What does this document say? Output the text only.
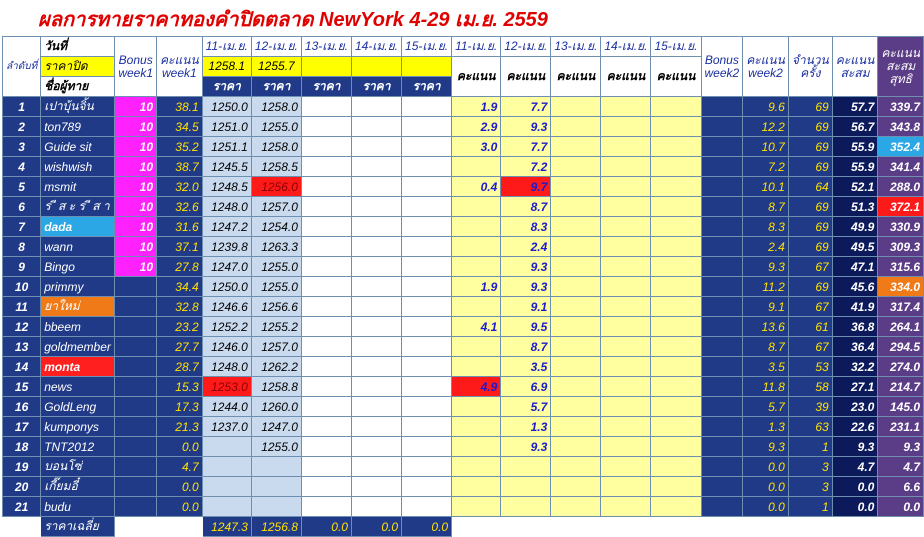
ผลการทายราคาทองคำปิดตลาด NewYork 4-29 เม.ย. 2559
ลำดับที่	วันที่	Bonus week1	คะแนน week1	11-เม.ย.	12-เม.ย.	13-เม.ย.	14-เม.ย.	15-เม.ย.	11-เม.ย.	12-เม.ย.	13-เม.ย.	14-เม.ย.	15-เม.ย.	Bonus week2	คะแนน week2	จำนวนครั้ง	คะแนนสะสม	คะแนนสะสมสุทธิ
	ราคาปิด			1258.1	1255.7				คะแนน	คะแนน	คะแนน	คะแนน	คะแนน					
	ชื่อผู้ทาย			ราคา	ราคา	ราคา	ราคา	ราคา										
1	เปาบุ้นจิ้น	10	38.1	1250.0	1258.0				1.9	7.7					9.6	69	57.7	339.7
2	ton789	10	34.5	1251.0	1255.0				2.9	9.3					12.2	69	56.7	343.8
3	Guide sit	10	35.2	1251.1	1258.0				3.0	7.7					10.7	69	55.9	352.4
4	wishwish	10	38.7	1245.5	1258.5					7.2					7.2	69	55.9	341.4
5	msmit	10	32.0	1248.5	1256.0				0.4	9.7					10.1	64	52.1	288.0
6	ร ี ส ะ ร ี ส า	10	32.6	1248.0	1257.0					8.7					8.7	69	51.3	372.1
7	dada	10	31.6	1247.2	1254.0					8.3					8.3	69	49.9	330.9
8	wann	10	37.1	1239.8	1263.3					2.4					2.4	69	49.5	309.3
9	Bingo	10	27.8	1247.0	1255.0					9.3					9.3	67	47.1	315.6
10	primmy		34.4	1250.0	1255.0				1.9	9.3					11.2	69	45.6	334.0
11	ยาใหม่		32.8	1246.6	1256.6					9.1					9.1	67	41.9	317.4
12	bbeem		23.2	1252.2	1255.2				4.1	9.5					13.6	61	36.8	264.1
13	goldmember		27.7	1246.0	1257.0					8.7					8.7	67	36.4	294.5
14	monta		28.7	1248.0	1262.2					3.5					3.5	53	32.2	274.0
15	news		15.3	1253.0	1258.8				4.9	6.9					11.8	58	27.1	214.7
16	GoldLeng		17.3	1244.0	1260.0					5.7					5.7	39	23.0	145.0
17	kumponys		21.3	1237.0	1247.0					1.3					1.3	63	22.6	231.1
18	TNT2012		0.0		1255.0					9.3					9.3	1	9.3	9.3
19	บอนโซ่		4.7												0.0	3	4.7	4.7
20	เกี๊ยมอี๋		0.0												0.0	3	0.0	6.6
21	budu		0.0												0.0	1	0.0	0.0
	ราคาเฉลี่ย			1247.3	1256.8	0.0	0.0	0.0										
